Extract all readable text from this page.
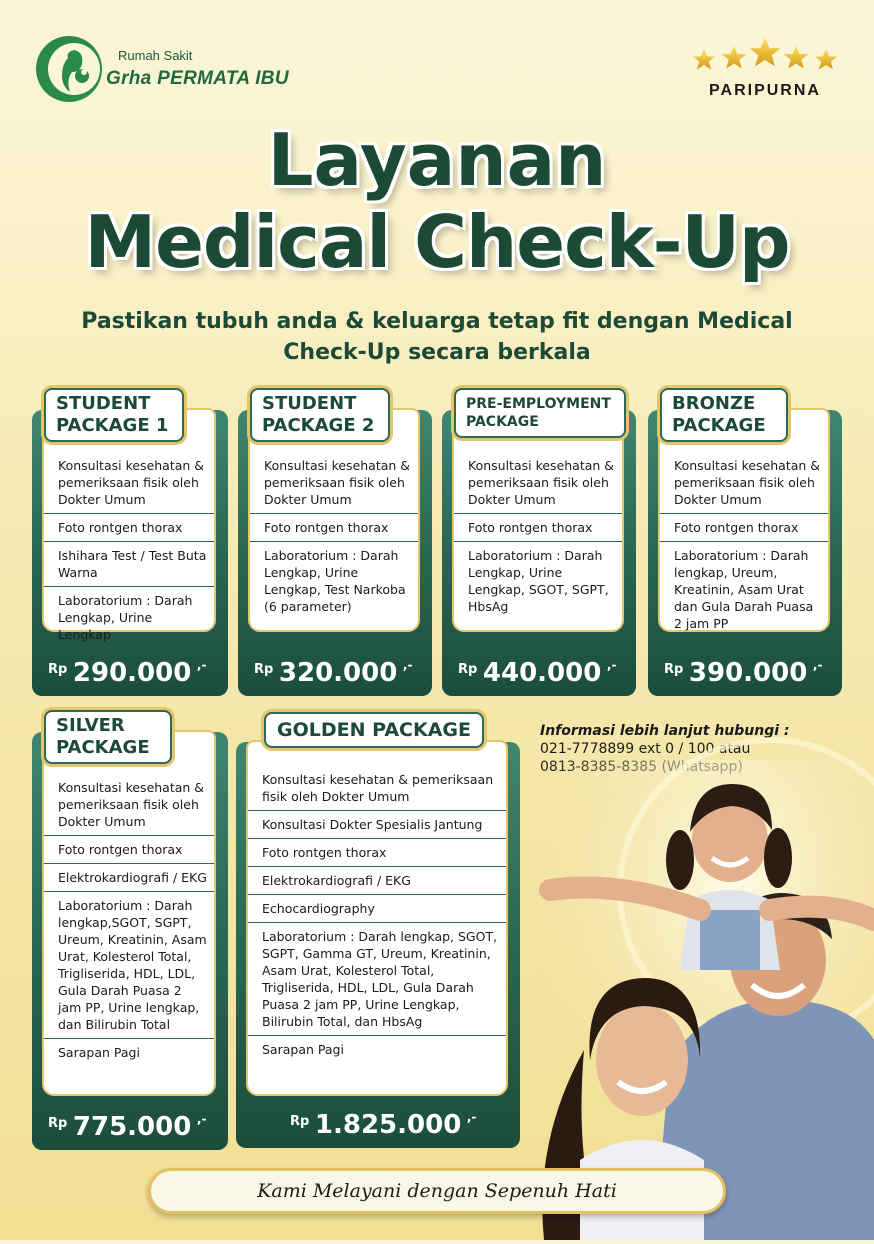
Rumah Sakit
Grha PERMATA IBU
PARIPURNA
Layanan
Medical Check-Up
Pastikan tubuh anda & keluarga tetap fit dengan Medical
Check-Up secara berkala
Konsultasi kesehatan & pemeriksaan fisik oleh Dokter Umum
Foto rontgen thorax
Ishihara Test / Test Buta Warna
Laboratorium : Darah Lengkap, Urine Lengkap
STUDENT
PACKAGE 1
$^{Rp}$ 290.000 ,-
Konsultasi kesehatan & pemeriksaan fisik oleh Dokter Umum
Foto rontgen thorax
Laboratorium : Darah Lengkap, Urine Lengkap, Test Narkoba (6 parameter)
STUDENT
PACKAGE 2
$^{Rp}$ 320.000 ,-
Konsultasi kesehatan & pemeriksaan fisik oleh Dokter Umum
Foto rontgen thorax
Laboratorium : Darah Lengkap, Urine Lengkap, SGOT, SGPT, HbsAg
PRE-EMPLOYMENT
PACKAGE
$^{Rp}$ 440.000 ,-
Konsultasi kesehatan & pemeriksaan fisik oleh Dokter Umum
Foto rontgen thorax
Laboratorium : Darah lengkap, Ureum, Kreatinin, Asam Urat dan Gula Darah Puasa 2 jam PP
BRONZE
PACKAGE
$^{Rp}$ 390.000 ,-
Konsultasi kesehatan & pemeriksaan fisik oleh Dokter Umum
Foto rontgen thorax
Elektrokardiografi / EKG
Laboratorium : Darah lengkap,SGOT, SGPT, Ureum, Kreatinin, Asam Urat, Kolesterol Total, Trigliserida, HDL, LDL, Gula Darah Puasa 2 jam PP, Urine lengkap, dan Bilirubin Total
Sarapan Pagi
SILVER
PACKAGE
$^{Rp}$ 775.000 ,-
Konsultasi kesehatan & pemeriksaan fisik oleh Dokter Umum
Konsultasi Dokter Spesialis Jantung
Foto rontgen thorax
Elektrokardiografi / EKG
Echocardiography
Laboratorium : Darah lengkap, SGOT, SGPT, Gamma GT, Ureum, Kreatinin, Asam Urat, Kolesterol Total, Trigliserida, HDL, LDL, Gula Darah Puasa 2 jam PP, Urine Lengkap, Bilirubin Total, dan HbsAg
Sarapan Pagi
GOLDEN PACKAGE
$^{Rp}$ 1.825.000 ,-
Informasi lebih lanjut hubungi :
021-7778899 ext 0 / 100 atau
Kami Melayani dengan Sepenuh Hati
